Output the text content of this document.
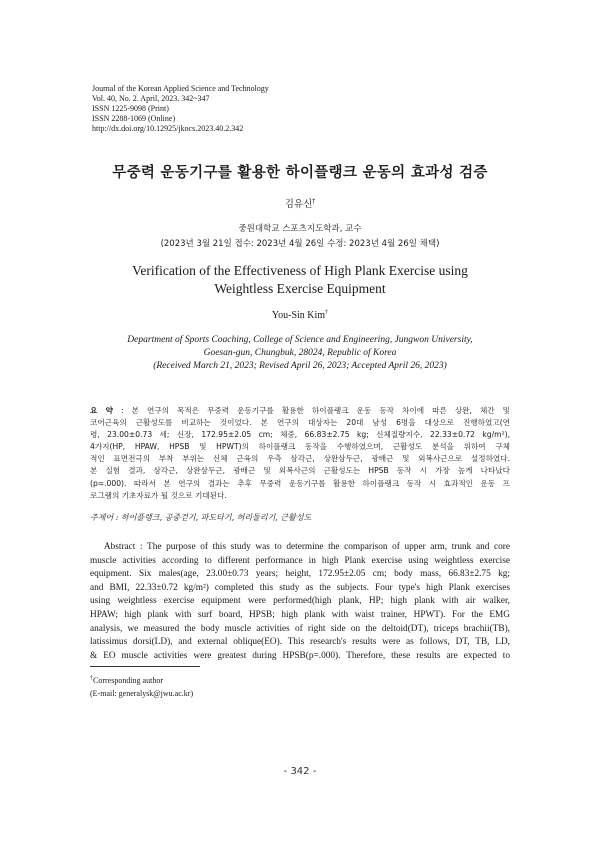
Journal of the Korean Applied Science and Technology
Vol. 40, No. 2. April, 2023. 342~347
ISSN 1225-9098 (Print)
ISSN 2288-1069 (Online)
http://dx.doi.org/10.12925/jkocs.2023.40.2.342
무중력 운동기구를 활용한 하이플랭크 운동의 효과성 검증
김유신†
중원대학교 스포츠지도학과, 교수
(2023년 3월 21일 접수: 2023년 4월 26일 수정: 2023년 4월 26일 채택)
Verification of the Effectiveness of High Plank Exercise using
Weightless Exercise Equipment
You-Sin Kim†
Department of Sports Coaching, College of Science and Engineering, Jungwon University,
Goesan-gun, Chungbuk, 28024, Republic of Korea
(Received March 21, 2023; Revised April 26, 2023; Accepted April 26, 2023)
요 약 : 본 연구의 목적은 무중력 운동기구를 활용한 하이플랭크 운동 동작 차이에 따른 상완, 체간 및
코어근육의 근활성도를 비교하는 것이었다. 본 연구의 대상자는 20대 남성 6명을 대상으로 진행하였고(연
령, 23.00±0.73 세; 신장, 172.95±2.05 cm; 체중, 66.83±2.75 kg; 신체질량지수, 22.33±0.72 kg/m²),
4가지(HP, HPAW, HPSB 및 HPWT)의 하이플랭크 동작을 수행하였으며, 근활성도 분석을 위하여 구체
적인 표면전극의 부착 부위는 신체 근육의 우측 삼각근, 상완삼두근, 광배근 및 외복사근으로 설정하였다.
본 실험 결과, 삼각근, 상완삼두근, 광배근 및 외복사근의 근활성도는 HPSB 동작 시 가장 높게 나타났다
(p=.000). 따라서 본 연구의 결과는 추후 무중력 운동기구를 활용한 하이플랭크 동작 시 효과적인 운동 프
로그램의 기초자료가 될 것으로 기대된다.
주제어 : 하이플랭크, 공중걷기, 파도타기, 허리돌리기, 근활성도
Abstract : The purpose of this study was to determine the comparison of upper arm, trunk and core
muscle activities according to different performance in high Plank exercise using weightless exercise
equipment. Six males(age, 23.00±0.73 years; height, 172.95±2.05 cm; body mass, 66.83±2.75 kg;
and BMI, 22.33±0.72 kg/m²) completed this study as the subjects. Four type's high Plank exercises
using weightless exercise equipment were performed(high plank, HP; high plank with air walker,
HPAW; high plank with surf board, HPSB; high plank with waist trainer, HPWT). For the EMG
analysis, we measured the body muscle activities of right side on the deltoid(DT), triceps brachii(TB),
latissimus dorsi(LD), and external oblique(EO). This research's results were as follows, DT, TB, LD,
& EO muscle activities were greatest during HPSB(p=.000). Therefore, these results are expected to
†Corresponding author
(E-mail: generalysk@jwu.ac.kr)
- 342 -
